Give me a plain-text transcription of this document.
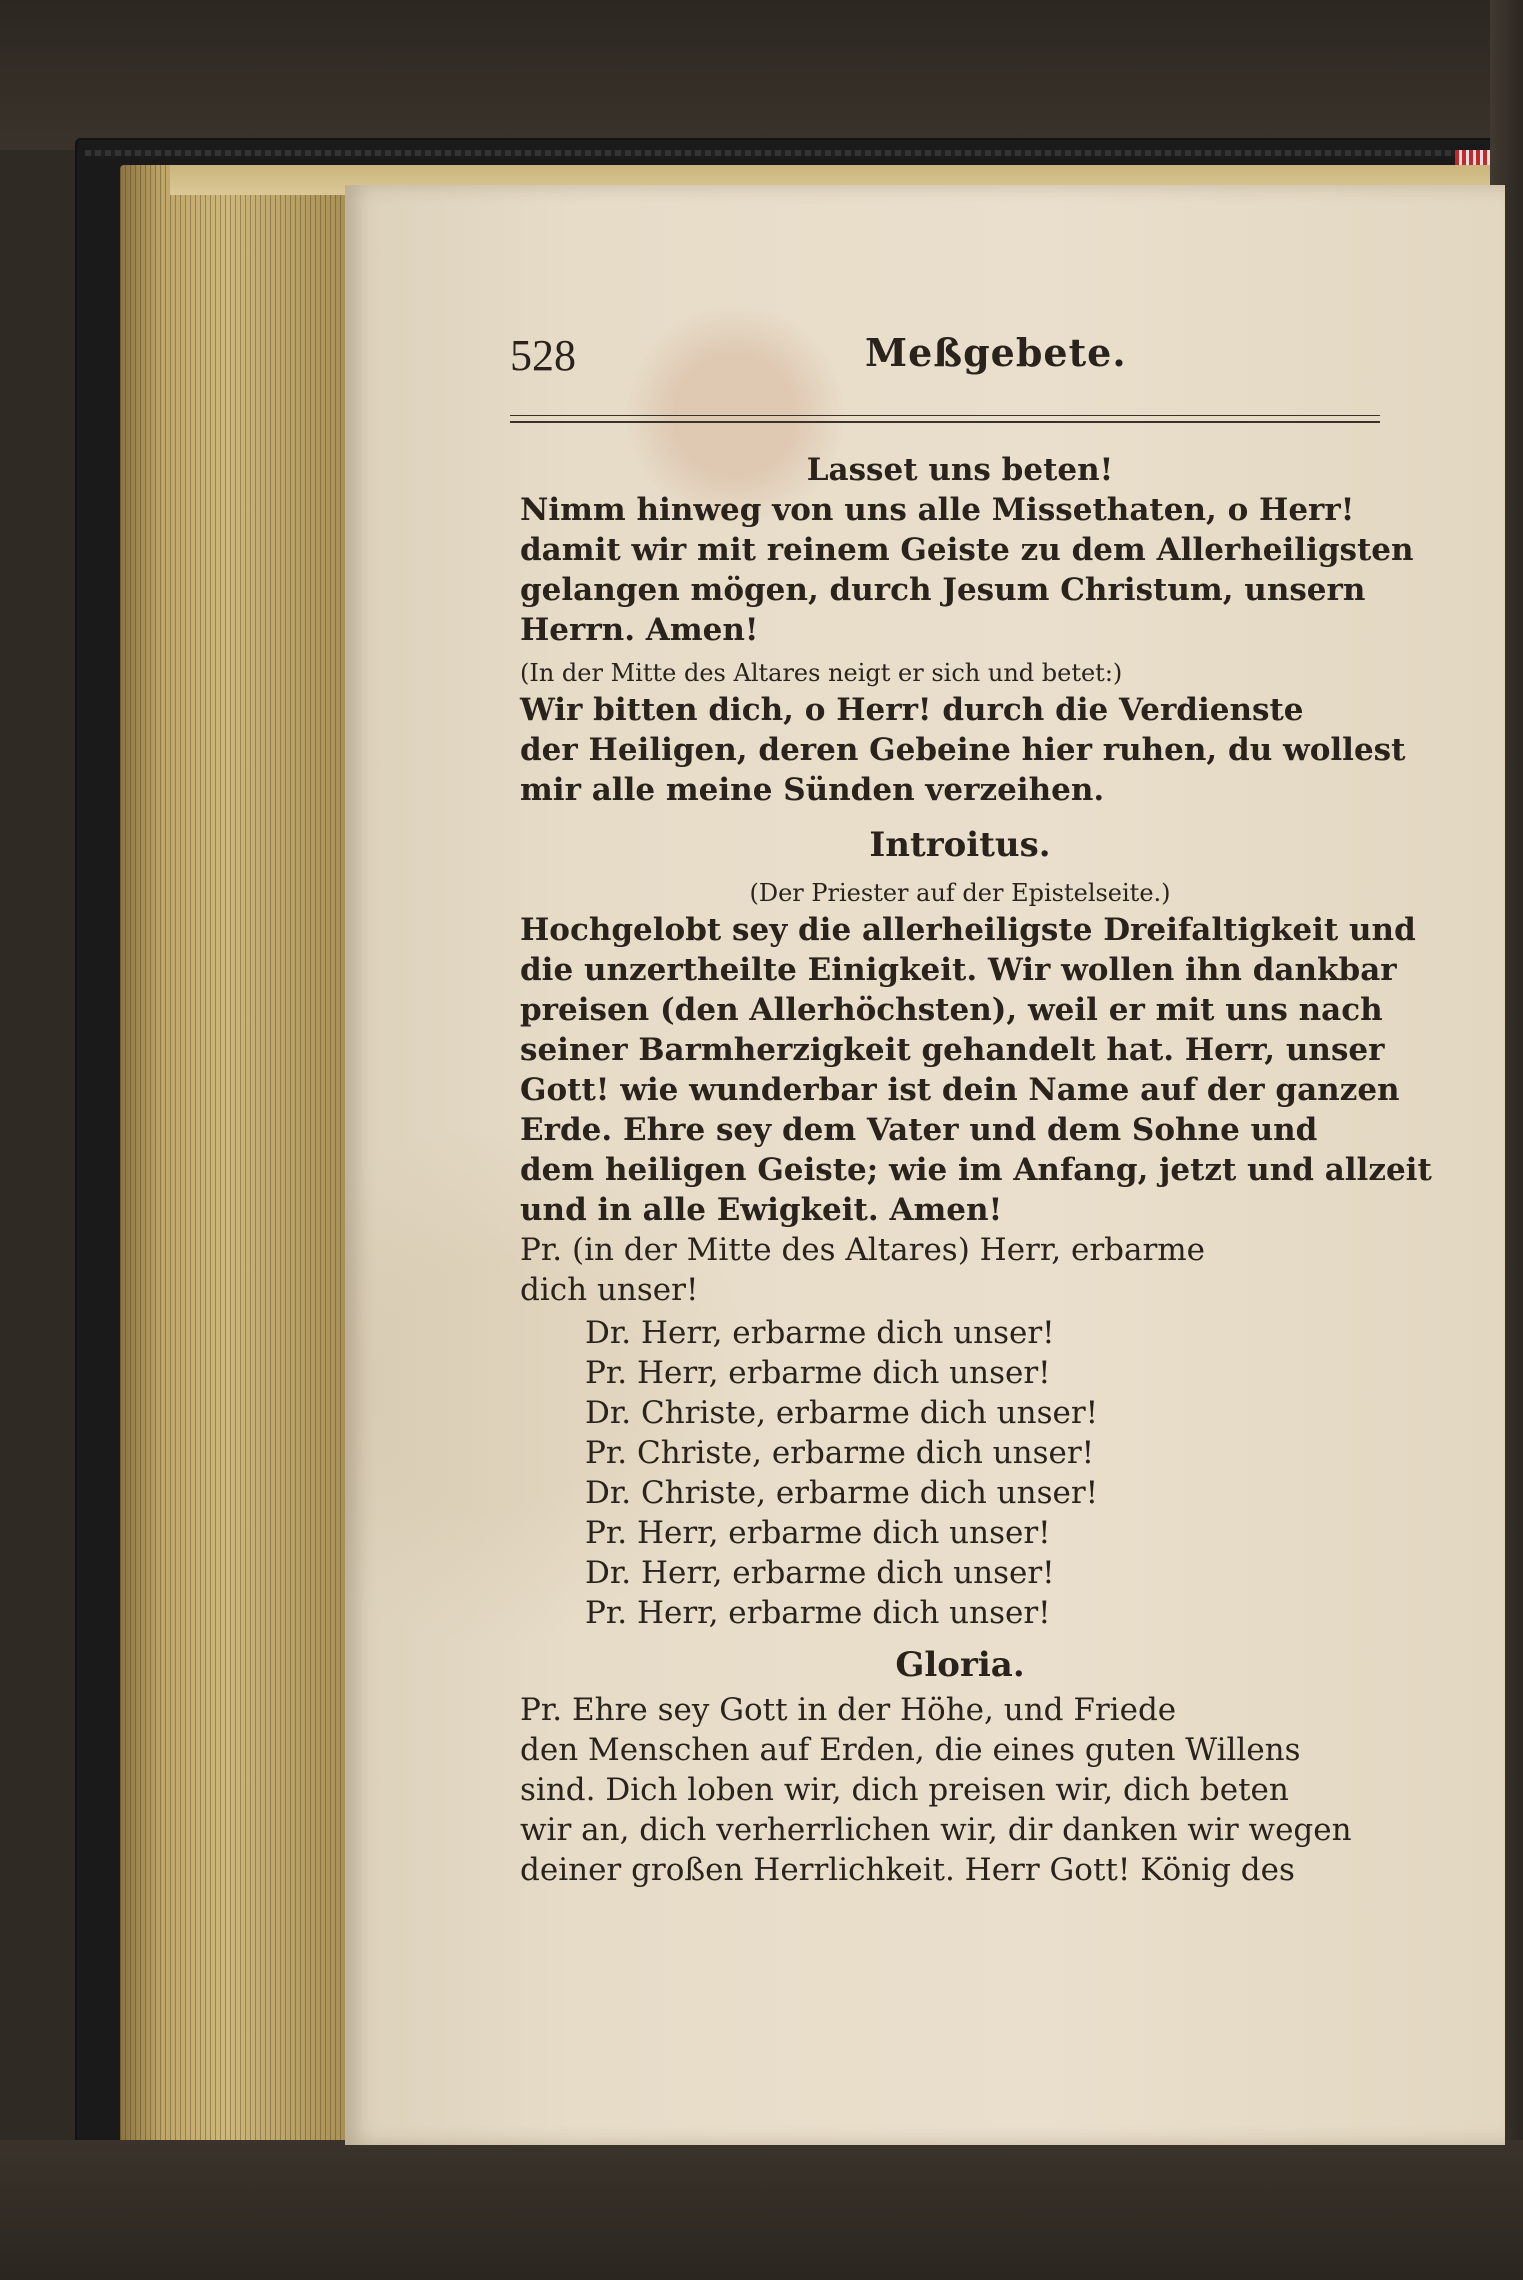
528	Meßgebete.
Lasset uns beten!
Nimm hinweg von uns alle Missethaten, o Herr!
damit wir mit reinem Geiste zu dem Allerheiligsten
gelangen mögen, durch Jesum Christum, unsern
Herrn. Amen!
(In der Mitte des Altares neigt er sich und betet:)
Wir bitten dich, o Herr! durch die Verdienste
der Heiligen, deren Gebeine hier ruhen, du wollest
mir alle meine Sünden verzeihen.
Introitus.
(Der Priester auf der Epistelseite.)
Hochgelobt sey die allerheiligste Dreifaltigkeit und
die unzertheilte Einigkeit. Wir wollen ihn dankbar
preisen (den Allerhöchsten), weil er mit uns nach
seiner Barmherzigkeit gehandelt hat. Herr, unser
Gott! wie wunderbar ist dein Name auf der ganzen
Erde. Ehre sey dem Vater und dem Sohne und
dem heiligen Geiste; wie im Anfang, jetzt und allzeit
und in alle Ewigkeit. Amen!
Pr. (in der Mitte des Altares) Herr, erbarme
dich unser!
Dr. Herr, erbarme dich unser!
Pr. Herr, erbarme dich unser!
Dr. Christe, erbarme dich unser!
Pr. Christe, erbarme dich unser!
Dr. Christe, erbarme dich unser!
Pr. Herr, erbarme dich unser!
Dr. Herr, erbarme dich unser!
Pr. Herr, erbarme dich unser!
Gloria.
Pr. Ehre sey Gott in der Höhe, und Friede
den Menschen auf Erden, die eines guten Willens
sind. Dich loben wir, dich preisen wir, dich beten
wir an, dich verherrlichen wir, dir danken wir wegen
deiner großen Herrlichkeit. Herr Gott! König des
